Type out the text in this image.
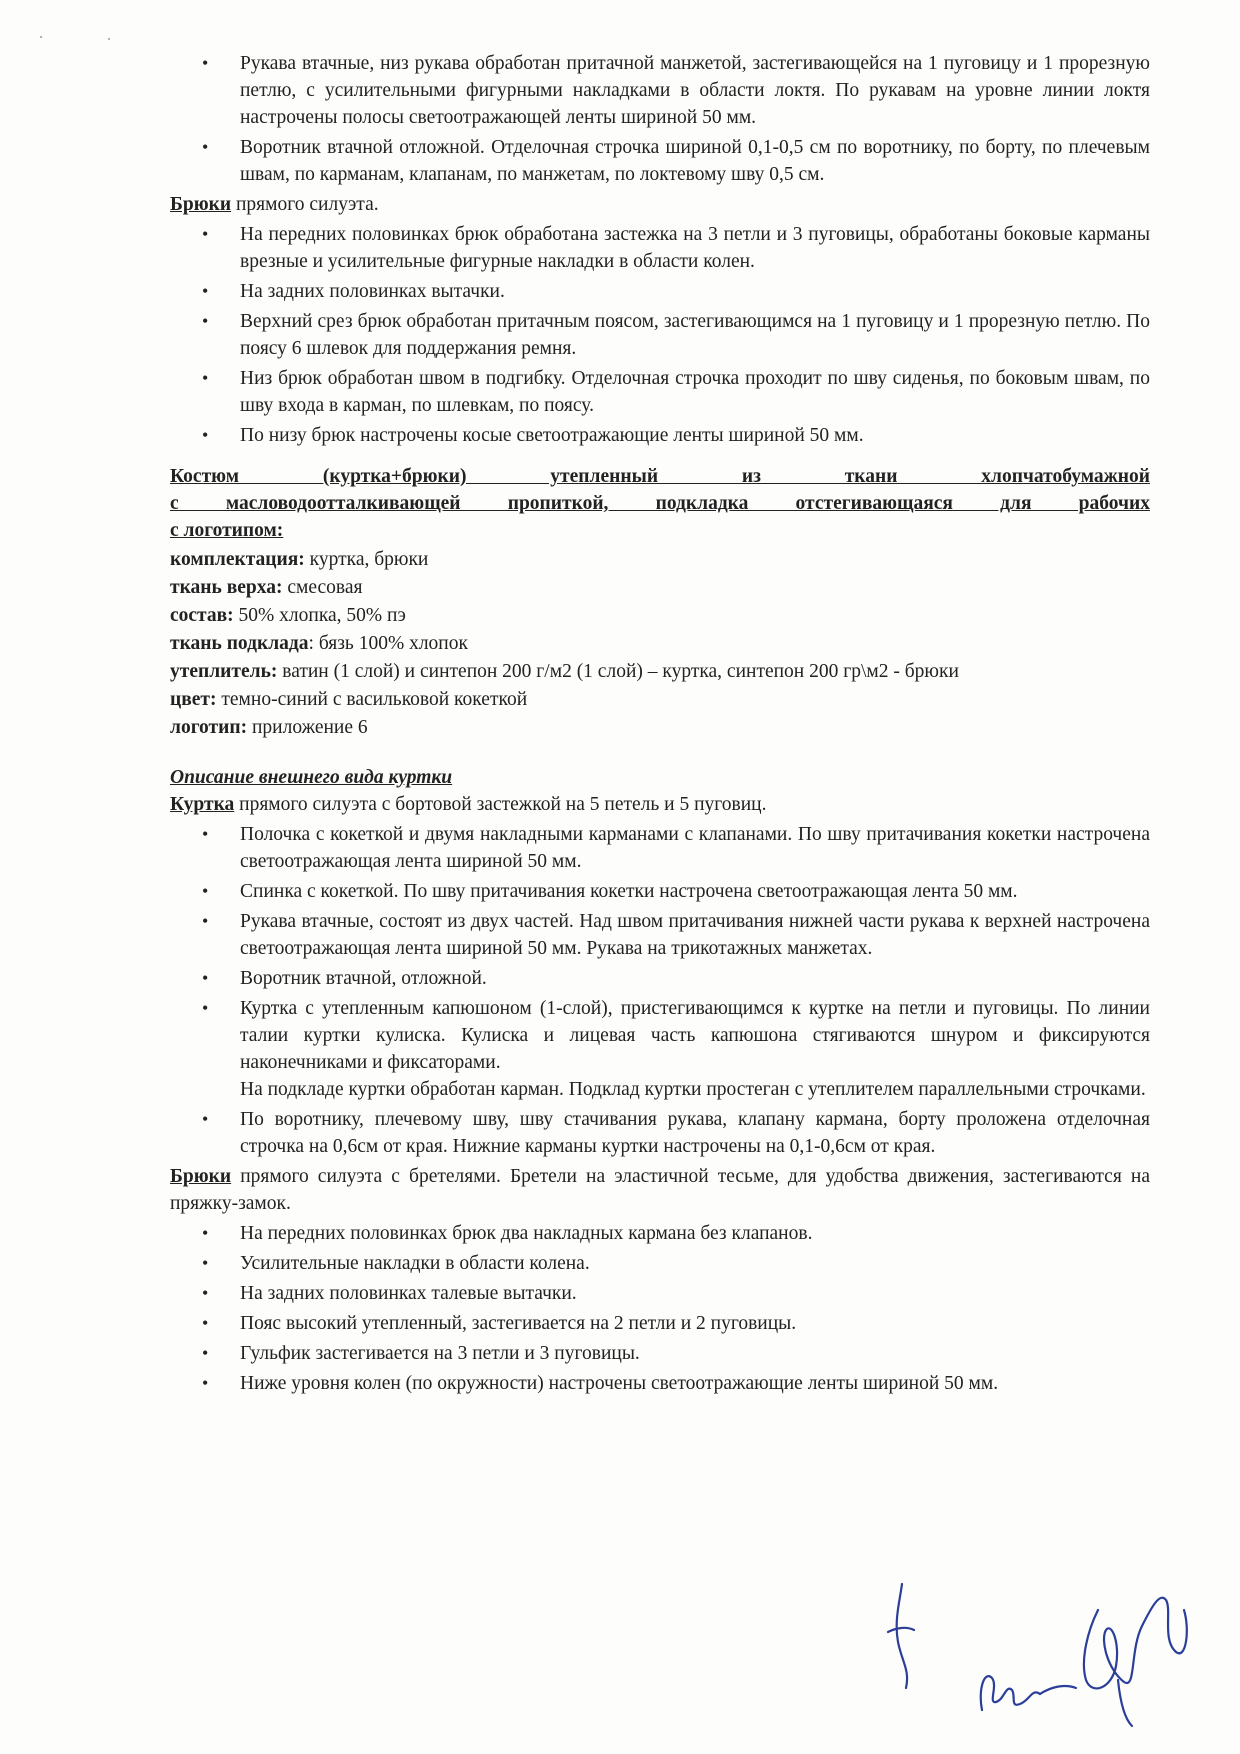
• Рукава втачные, низ рукава обработан притачной манжетой, застегивающейся на 1 пуговицу и 1 прорезную петлю, с усилительными фигурными накладками в области локтя. По рукавам на уровне линии локтя настрочены полосы светоотражающей ленты шириной 50 мм.
• Воротник втачной отложной. Отделочная строчка шириной 0,1-0,5 см по воротнику, по борту, по плечевым швам, по карманам, клапанам, по манжетам, по локтевому шву 0,5 см.

Брюки прямого силуэта.

• На передних половинках брюк обработана застежка на 3 петли и 3 пуговицы, обработаны боковые карманы врезные и усилительные фигурные накладки в области колен.
• На задних половинках вытачки.
• Верхний срез брюк обработан притачным поясом, застегивающимся на 1 пуговицу и 1 прорезную петлю. По поясу 6 шлевок для поддержания ремня.
• Низ брюк обработан швом в подгибку. Отделочная строчка проходит по шву сиденья, по боковым швам, по шву входа в карман, по шлевкам, по поясу.
• По низу брюк настрочены косые светоотражающие ленты шириной 50 мм.
Костюм (куртка+брюки) утепленный из ткани хлопчатобумажной
с масловодоотталкивающей пропиткой, подкладка отстегивающаяся для рабочих
с логотипом:

комплектация: куртка, брюки

ткань верха: смесовая

состав: 50% хлопка, 50% пэ

ткань подклада: бязь 100% хлопок

утеплитель: ватин (1 слой) и синтепон 200 г/м2 (1 слой) – куртка, синтепон 200 гр\м2 - брюки

цвет: темно-синий с васильковой кокеткой

логотип: приложение 6

Описание внешнего вида куртки

Куртка прямого силуэта с бортовой застежкой на 5 петель и 5 пуговиц.

• Полочка с кокеткой и двумя накладными карманами с клапанами. По шву притачивания кокетки настрочена светоотражающая лента шириной 50 мм.
• Спинка с кокеткой. По шву притачивания кокетки настрочена светоотражающая лента 50 мм.
• Рукава втачные, состоят из двух частей. Над швом притачивания нижней части рукава к верхней настрочена светоотражающая лента шириной 50 мм. Рукава на трикотажных манжетах.
• Воротник втачной, отложной.
• Куртка с утепленным капюшоном (1-слой), пристегивающимся к куртке на петли и пуговицы. По линии талии куртки кулиска. Кулиска и лицевая часть капюшона стягиваются шнуром и фиксируются наконечниками и фиксаторами.

На подкладе куртки обработан карман. Подклад куртки простеган с утеплителем параллельными строчками.

• По воротнику, плечевому шву, шву стачивания рукава, клапану кармана, борту проложена отделочная строчка на 0,6см от края. Нижние карманы куртки настрочены на 0,1-0,6см от края.

Брюки прямого силуэта с бретелями. Бретели на эластичной тесьме, для удобства движения, застегиваются на пряжку-замок.

• На передних половинках брюк два накладных кармана без клапанов.
• Усилительные накладки в области колена.
• На задних половинках талевые вытачки.
• Пояс высокий утепленный, застегивается на 2 петли и 2 пуговицы.
• Гульфик застегивается на 3 петли и 3 пуговицы.
• Ниже уровня колен (по окружности) настрочены светоотражающие ленты шириной 50 мм.
